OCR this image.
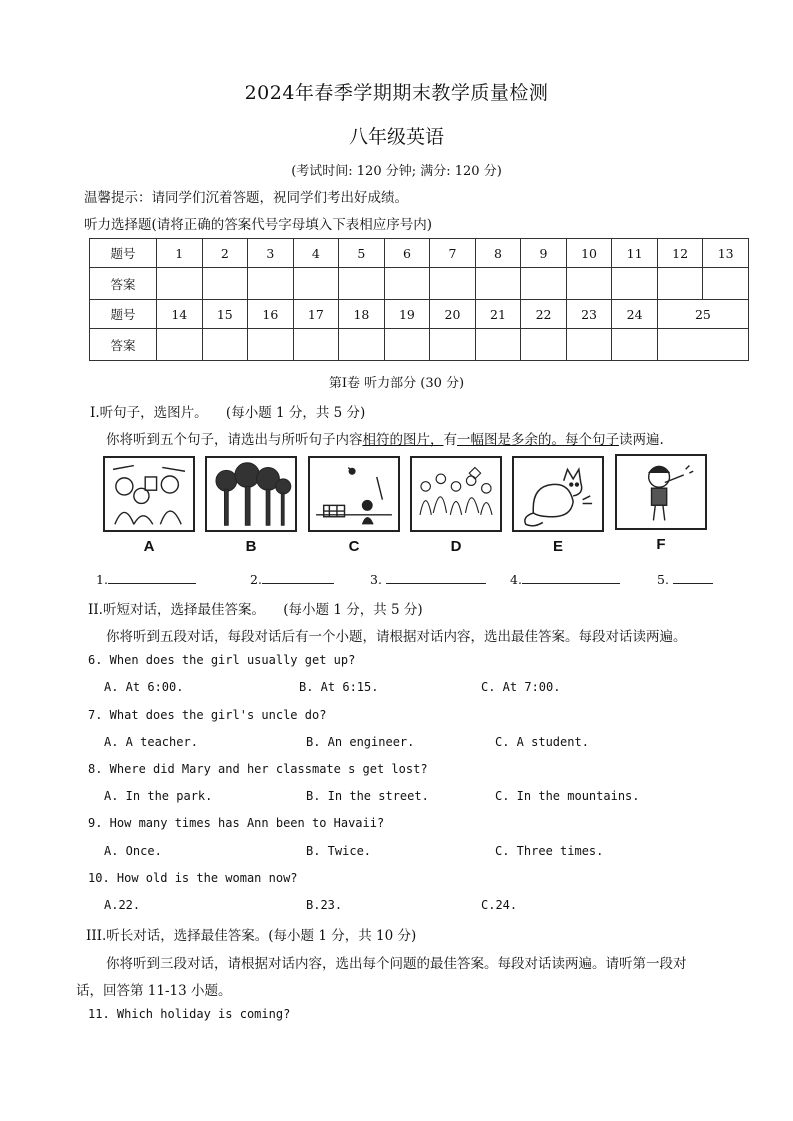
2024年春季学期期末教学质量检测
八年级英语
(考试时间: 120 分钟; 满分: 120 分)
温馨提示：请同学们沉着答题，祝同学们考出好成绩。
听力选择题(请将正确的答案代号字母填入下表相应序号内)
题号	1	2	3	4	5	6	7	8	9	10	11	12	13
答案													
题号	14	15	16	17	18	19	20	21	22	23	24	25	
答案													
第Ⅰ卷 听力部分 (30 分)
I.听句子，选图片。 (每小题 1 分，共 5 分)
你将听到五个句子，请选出与所听句子内容相符的图片，有一幅图是多余的。每个句子读两遍.
A	B	C	D	E	F
1.	2.	3.	4.	5.
II.听短对话，选择最佳答案。 (每小题 1 分，共 5 分)
你将听到五段对话，每段对话后有一个小题，请根据对话内容，选出最佳答案。每段对话读两遍。
6. When does the girl usually get up?
A. At 6:00.	B. At 6:15.	C. At 7:00.
7. What does the girl's uncle do?
A. A teacher.	B. An engineer.	C. A student.
8. Where did Mary and her classmate s get lost?
A. In the park.	B. In the street.	C. In the mountains.
9. How many times has Ann been to Havaii?
A. Once.	B. Twice.	C. Three times.
10. How old is the woman now?
A.22.	B.23.	C.24.
III.听长对话，选择最佳答案。(每小题 1 分，共 10 分)
你将听到三段对话，请根据对话内容，选出每个问题的最佳答案。每段对话读两遍。请听第一段对
话，回答第 11-13 小题。
11. Which holiday is coming?
